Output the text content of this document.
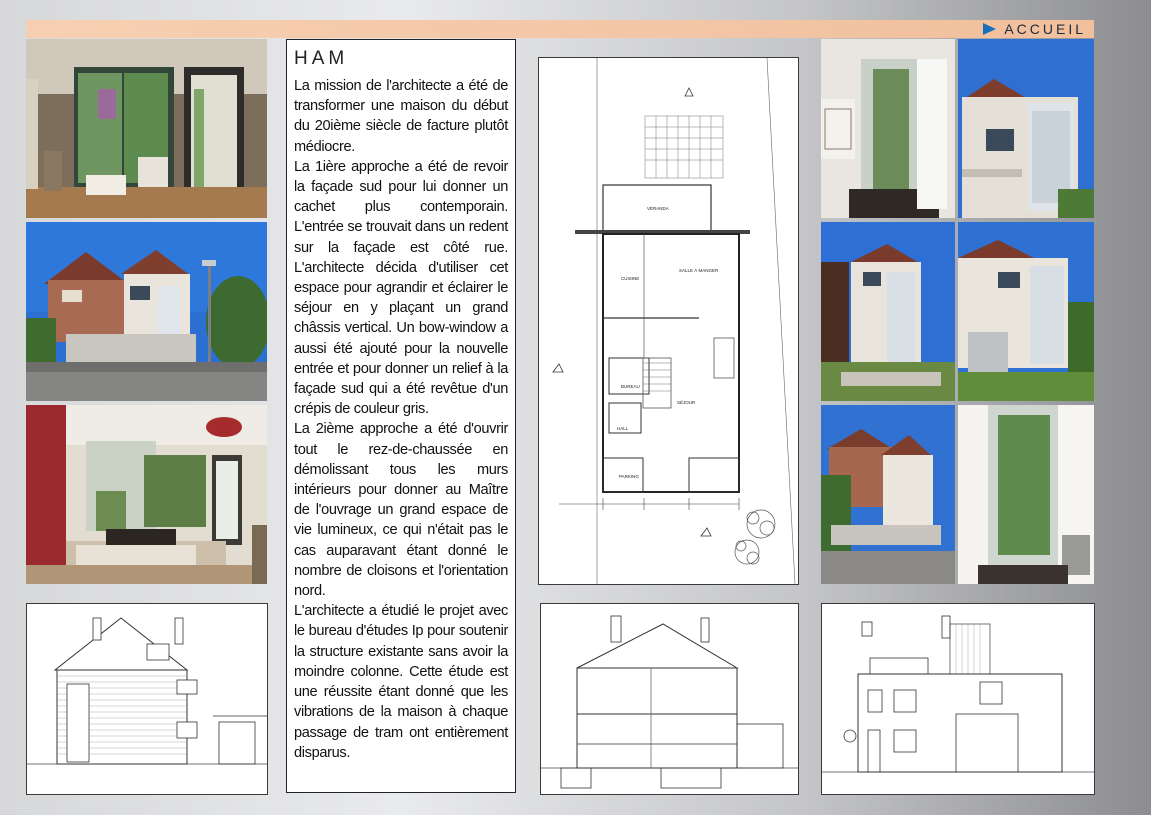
ACCUEIL
HAM

La mission de l'architecte a été de transformer une maison du début du 20ième siècle de facture plutôt médiocre.

La 1ière approche a été de revoir la façade sud pour lui donner un cachet plus contemporain. L'entrée se trouvait dans un redent sur la façade est côté rue. L'architecte décida d'utiliser cet espace pour agrandir et éclairer le séjour en y plaçant un grand châssis vertical. Un bow-window a aussi été ajouté pour la nouvelle entrée et pour donner un relief à la façade sud qui a été revêtue d'un crépis de couleur gris.

La 2ième approche a été d'ouvrir tout le rez-de-chaussée en démolissant tous les murs intérieurs pour donner au Maître de l'ouvrage un grand espace de vie lumineux, ce qui n'était pas le cas auparavant étant donné le nombre de cloisons et l'orientation nord.

L'architecte a étudié le projet avec le bureau d'études Ip pour soutenir la structure existante sans avoir la moindre colonne. Cette étude est une réussite étant donné que les vibrations de la maison à chaque passage de tram ont entièrement disparus.

VÉRANDA
CUISINE
SALLE À MANGER
BUREAU
SÉJOUR
HALL
PARKING
